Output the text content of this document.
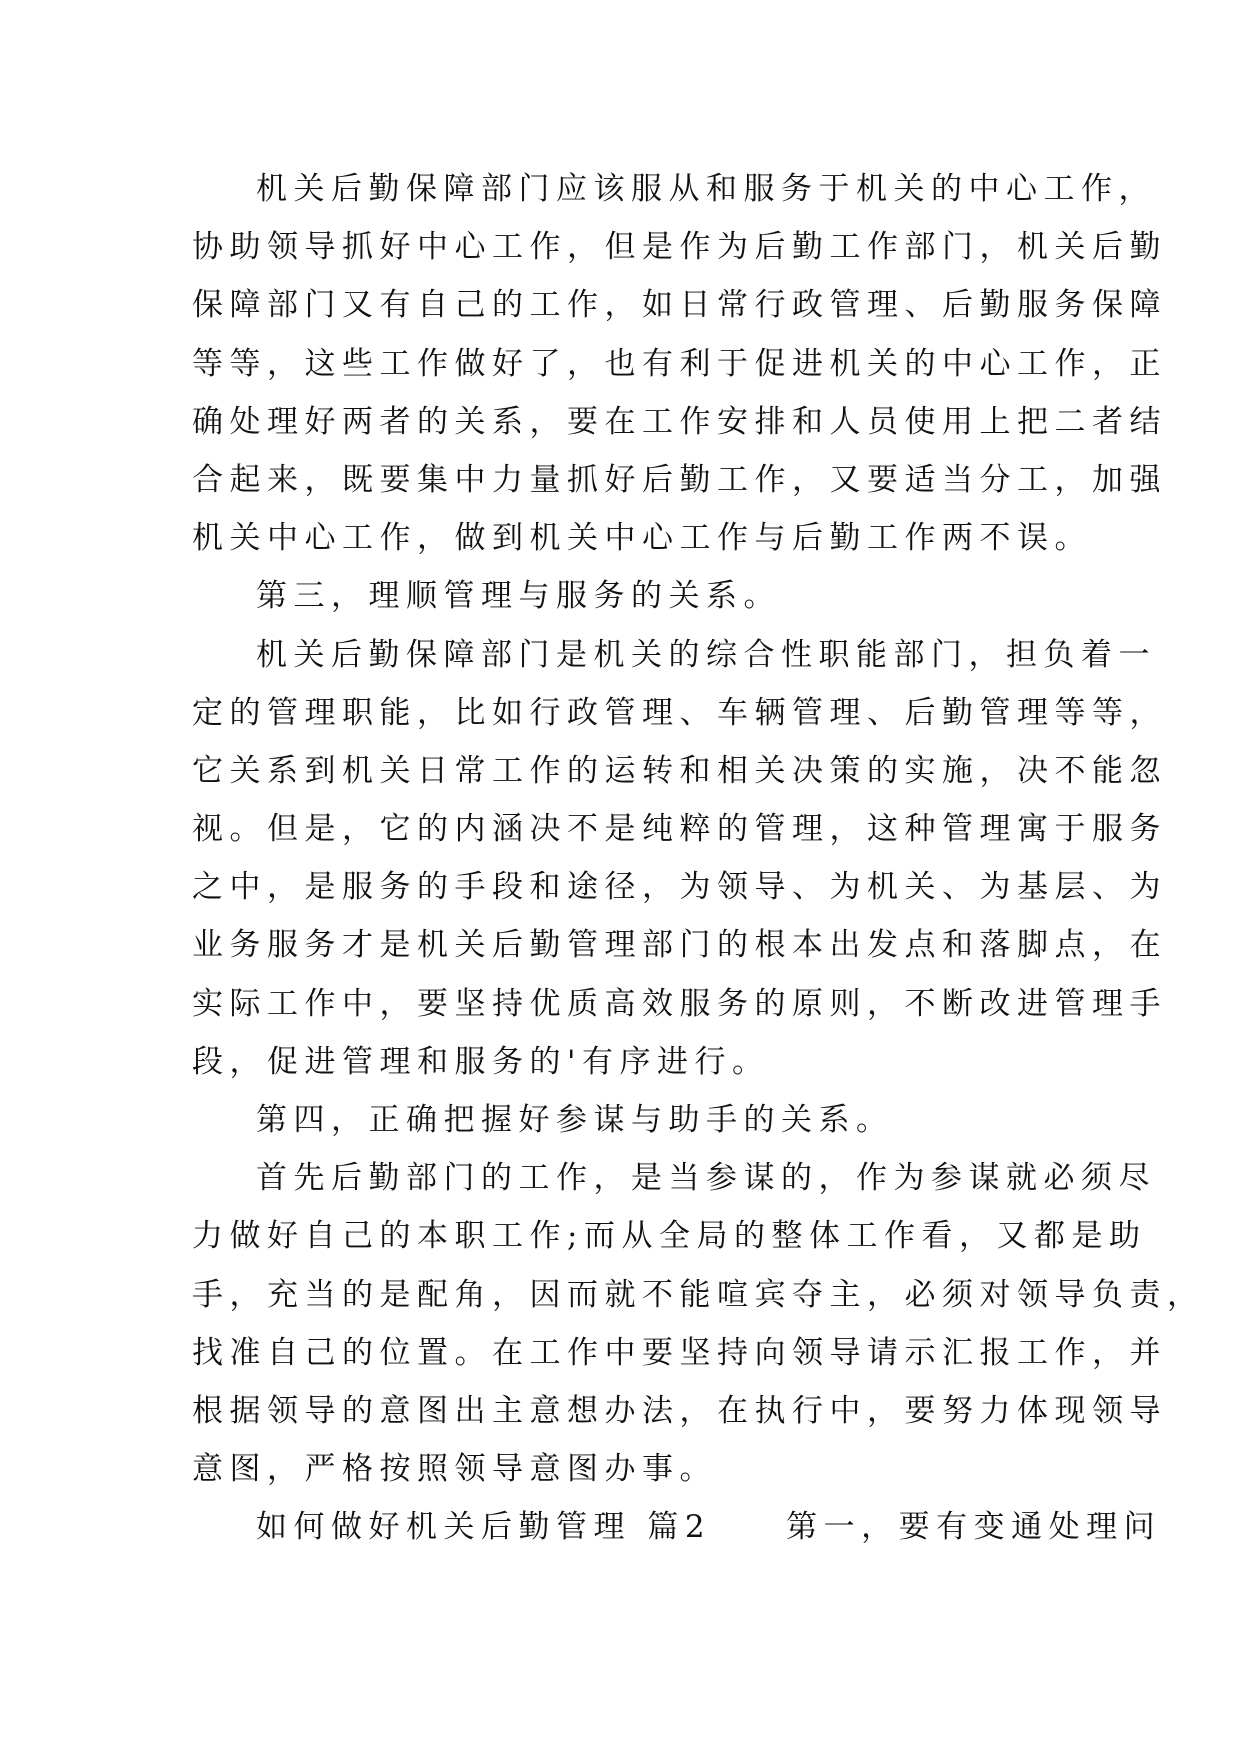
机关后勤保障部门应该服从和服务于机关的中心工作，
协助领导抓好中心工作，但是作为后勤工作部门，机关后勤
保障部门又有自己的工作，如日常行政管理、后勤服务保障
等等，这些工作做好了，也有利于促进机关的中心工作，正
确处理好两者的关系，要在工作安排和人员使用上把二者结
合起来，既要集中力量抓好后勤工作，又要适当分工，加强
机关中心工作，做到机关中心工作与后勤工作两不误。
第三，理顺管理与服务的关系。
机关后勤保障部门是机关的综合性职能部门，担负着一
定的管理职能，比如行政管理、车辆管理、后勤管理等等，
它关系到机关日常工作的运转和相关决策的实施，决不能忽
视。但是，它的内涵决不是纯粹的管理，这种管理寓于服务
之中，是服务的手段和途径，为领导、为机关、为基层、为
业务服务才是机关后勤管理部门的根本出发点和落脚点，在
实际工作中，要坚持优质高效服务的原则，不断改进管理手
段，促进管理和服务的'有序进行。
第四，正确把握好参谋与助手的关系。
首先后勤部门的工作，是当参谋的，作为参谋就必须尽
力做好自己的本职工作;而从全局的整体工作看，又都是助
手，充当的是配角，因而就不能喧宾夺主，必须对领导负责，
找准自己的位置。在工作中要坚持向领导请示汇报工作，并
根据领导的意图出主意想办法，在执行中，要努力体现领导
意图，严格按照领导意图办事。
如何做好机关后勤管理 篇2　　第一，要有变通处理问
